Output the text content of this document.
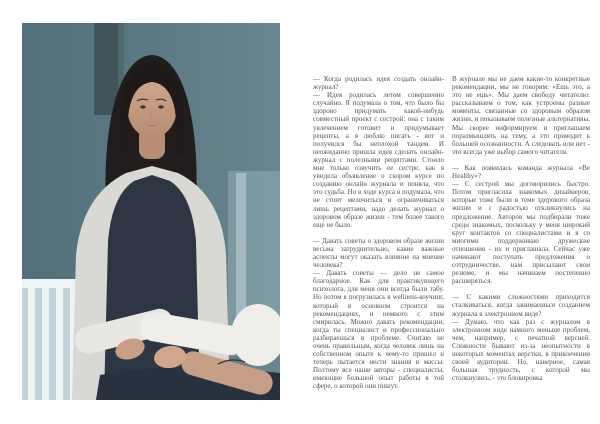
— Когда родилась идея создать онлайн-журнал?

— Идея родилась летом совершенно случайно. Я подумала о том, что было бы здорово придумать какой-нибудь совместный проект с сестрой: она с таким увлечением готовит и придумывает рецепты, а я люблю писать - вот и получился бы неплохой тандем. И неожиданно пришла идея сделать онлайн-журнал с полезными рецептами. Стоило мне только озвучить ее сестре, как я увидела объявление о скором курсе по созданию онлайн журнала и поняла, что это судьба. Но в ходе курса я подумала, что не стоит мелочиться и ограничиваться лишь рецептами, надо делать журнал о здоровом образе жизни - тем более такого еще не было.

— Давать советы о здоровом образе жизни весьма затруднительно, какие важные аспекты могут оказать влияние на мнение человека?

— Давать советы — дело не самое благодарное. Как для практикующего психолога, для меня они всегда были табу. Но потом я погрузилась в wellness-коучинг, который в основном строится на рекомендациях, и немного с этим смирилась. Можно давать рекомендации, когда ты специалист и профессионально разбираешься в проблеме. Считаю не очень правильным, когда человек лишь на собственном опыте к чему-то пришел и теперь пытается нести знания в массы. Поэтому все наши авторы - специалисты, имеющие большой опыт работы в той сфере, о которой они пишут.

В журнале мы не даем какие-то конкретные рекомендации, мы не говорим: «Ешь это, а это не ешь». Мы даем свободу читателю: рассказываем о том, как устроены разные моменты, связанные со здоровым образом жизни, и показываем полезные альтернативы. Мы скорее информируем и приглашаем поразмышлять на тему, а это приводит к большей осознанности. А следовать или нет - это всегда уже выбор самого читателя.

— Как появилась команда журнала «Be Healthy»?

— С сестрой мы договорились быстро. Потом пригласила знакомых дизайнеров, которые тоже были в теме здорового образа жизни и с радостью откликнулись на предложение. Авторов мы подбирали тоже среди знакомых, поскольку у меня широкий круг контактов со специалистами и я со многими поддерживаю дружеские отношения - их и приглашала. Сейчас уже начинают поступать предложения о сотрудничестве, нам присылают свои резюме, и мы начинаем постепенно расширяться.

— С какими сложностями приходится сталкиваться, когда занимаешься созданием журнала в электронном виде?

— Думаю, что как раз с журналом в электронном виде намного меньше проблем, чем, например, с печатной версией. Сложности бывают из-за неопытности в некоторых моментах верстки, в привлечении своей аудитории. Но, наверное, самая большая трудность, с которой мы столкнулись, - это блокировка
